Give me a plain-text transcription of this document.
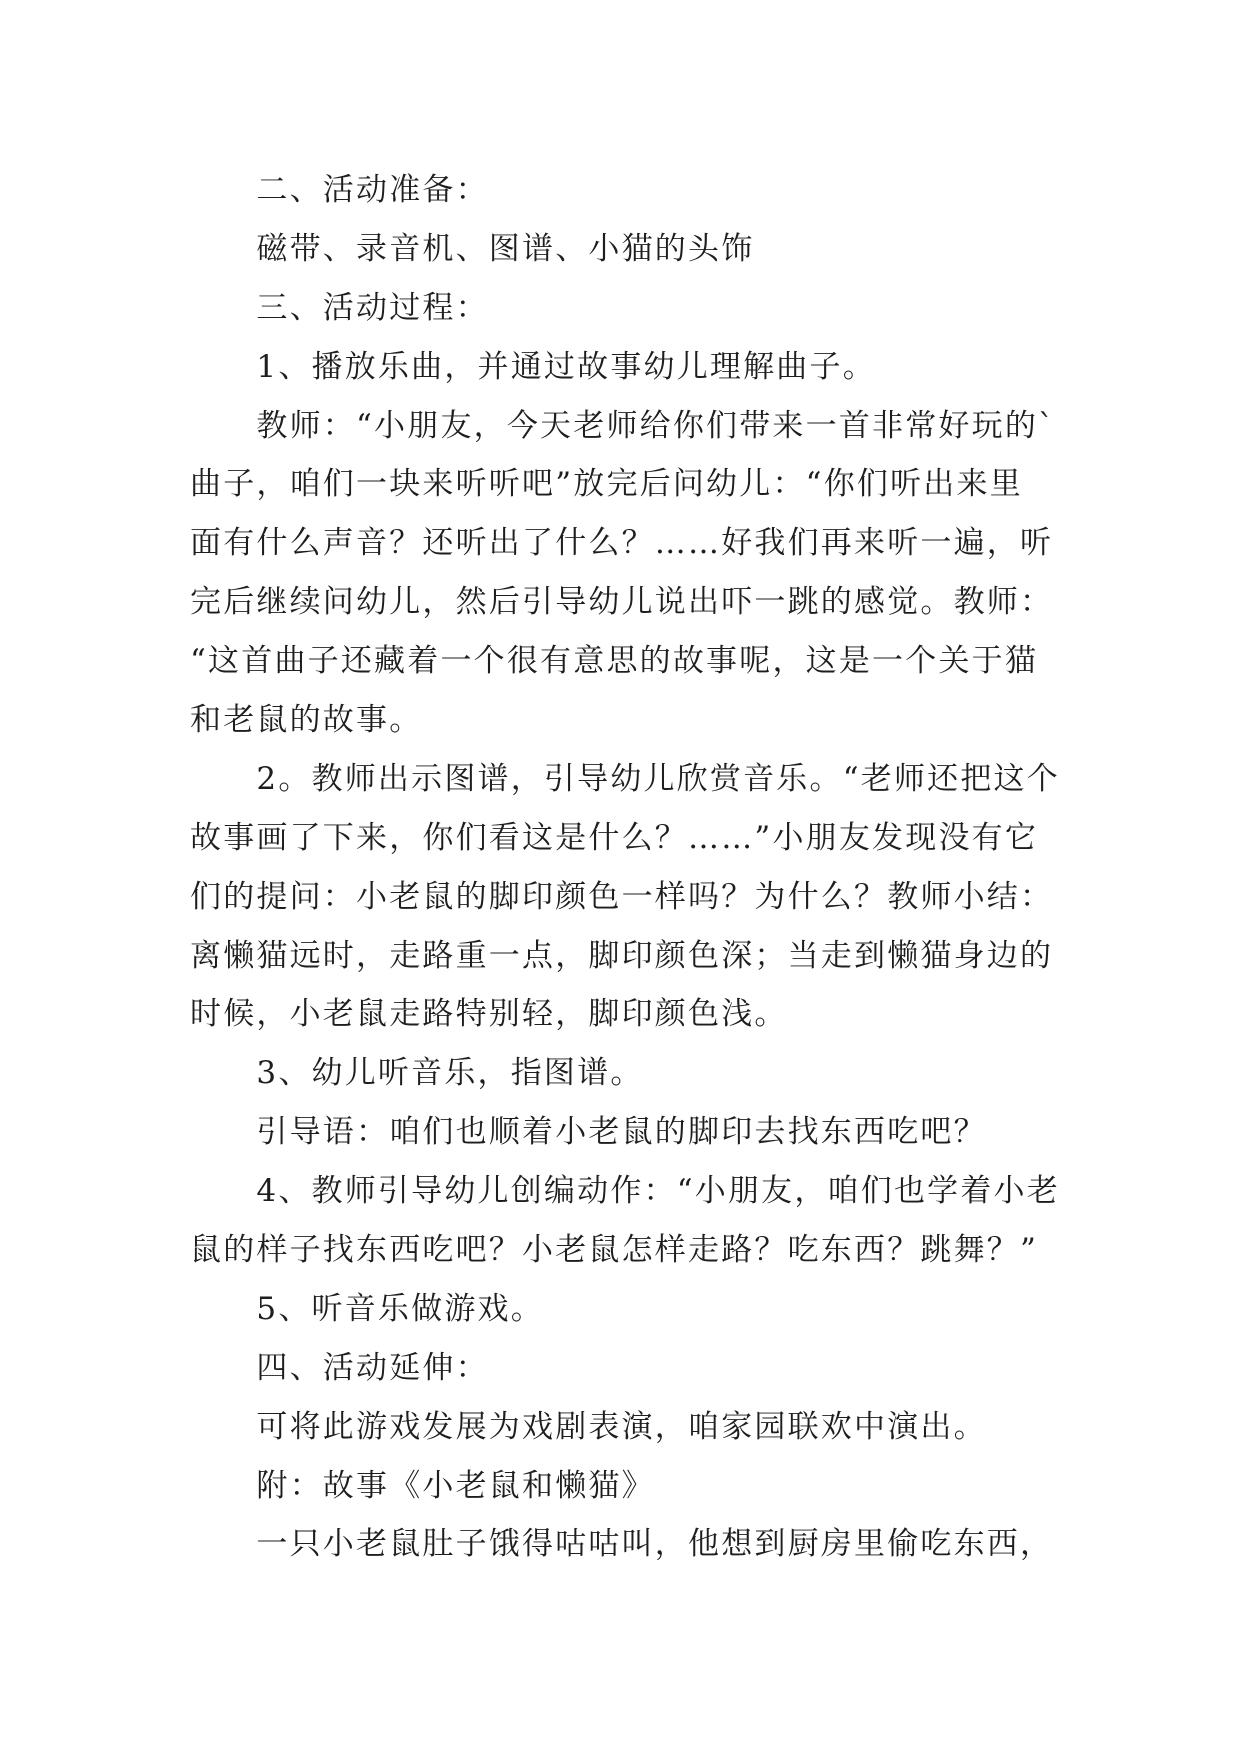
二、活动准备：
磁带、录音机、图谱、小猫的头饰
三、活动过程：
1、播放乐曲，并通过故事幼儿理解曲子。
教师：“小朋友，今天老师给你们带来一首非常好玩的`
曲子，咱们一块来听听吧”放完后问幼儿：“你们听出来里
面有什么声音？还听出了什么？……好我们再来听一遍，听
完后继续问幼儿，然后引导幼儿说出吓一跳的感觉。教师：
“这首曲子还藏着一个很有意思的故事呢，这是一个关于猫
和老鼠的故事。
2。教师出示图谱，引导幼儿欣赏音乐。“老师还把这个
故事画了下来，你们看这是什么？……”小朋友发现没有它
们的提问：小老鼠的脚印颜色一样吗？为什么？教师小结：
离懒猫远时，走路重一点，脚印颜色深；当走到懒猫身边的
时候，小老鼠走路特别轻，脚印颜色浅。
3、幼儿听音乐，指图谱。
引导语：咱们也顺着小老鼠的脚印去找东西吃吧？
4、教师引导幼儿创编动作：“小朋友，咱们也学着小老
鼠的样子找东西吃吧？小老鼠怎样走路？吃东西？跳舞？”
5、听音乐做游戏。
四、活动延伸：
可将此游戏发展为戏剧表演，咱家园联欢中演出。
附：故事《小老鼠和懒猫》
一只小老鼠肚子饿得咕咕叫，他想到厨房里偷吃东西，
